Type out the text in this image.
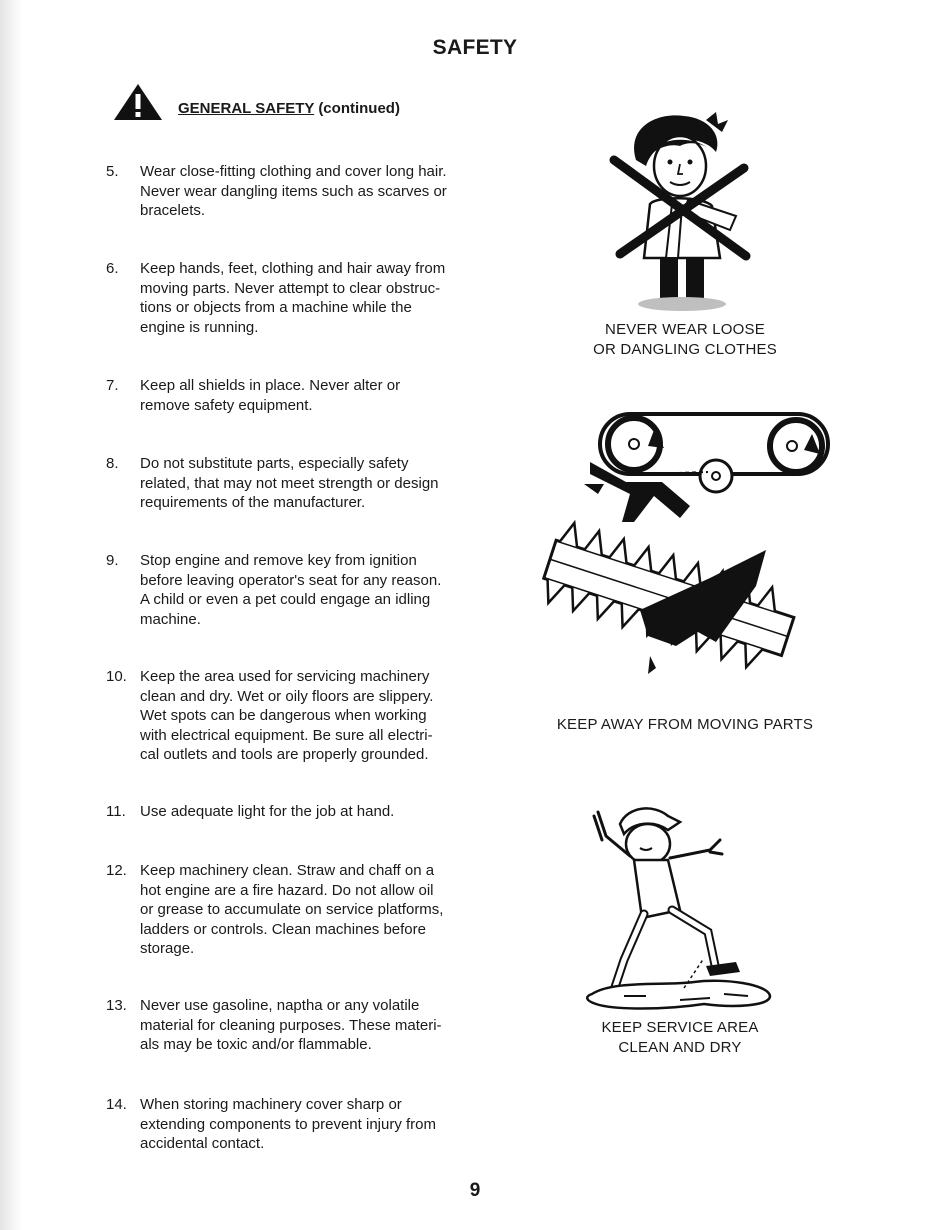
SAFETY
GENERAL SAFETY (continued)
5.	Wear close-fitting clothing and cover long hair.
Never wear dangling items such as scarves or
bracelets.
6.	Keep hands, feet, clothing and hair away from
moving parts. Never attempt to clear obstruc-
tions or objects from a machine while the
engine is running.
7.	Keep all shields in place. Never alter or
remove safety equipment.
8.	Do not substitute parts, especially safety
related, that may not meet strength or design
requirements of the manufacturer.
9.	Stop engine and remove key from ignition
before leaving operator's seat for any reason.
A child or even a pet could engage an idling
machine.
10. Keep the area used for servicing machinery
clean and dry. Wet or oily floors are slippery.
Wet spots can be dangerous when working
with electrical equipment. Be sure all electri-
cal outlets and tools are properly grounded.
11. Use adequate light for the job at hand.
12. Keep machinery clean. Straw and chaff on a
hot engine are a fire hazard. Do not allow oil
or grease to accumulate on service platforms,
ladders or controls. Clean machines before
storage.
13. Never use gasoline, naptha or any volatile
material for cleaning purposes. These materi-
als may be toxic and/or flammable.
14. When storing machinery cover sharp or
extending components to prevent injury from
accidental contact.
NEVER WEAR LOOSE
OR DANGLING CLOTHES
KEEP AWAY FROM MOVING PARTS
KEEP SERVICE AREA
CLEAN AND DRY
9
